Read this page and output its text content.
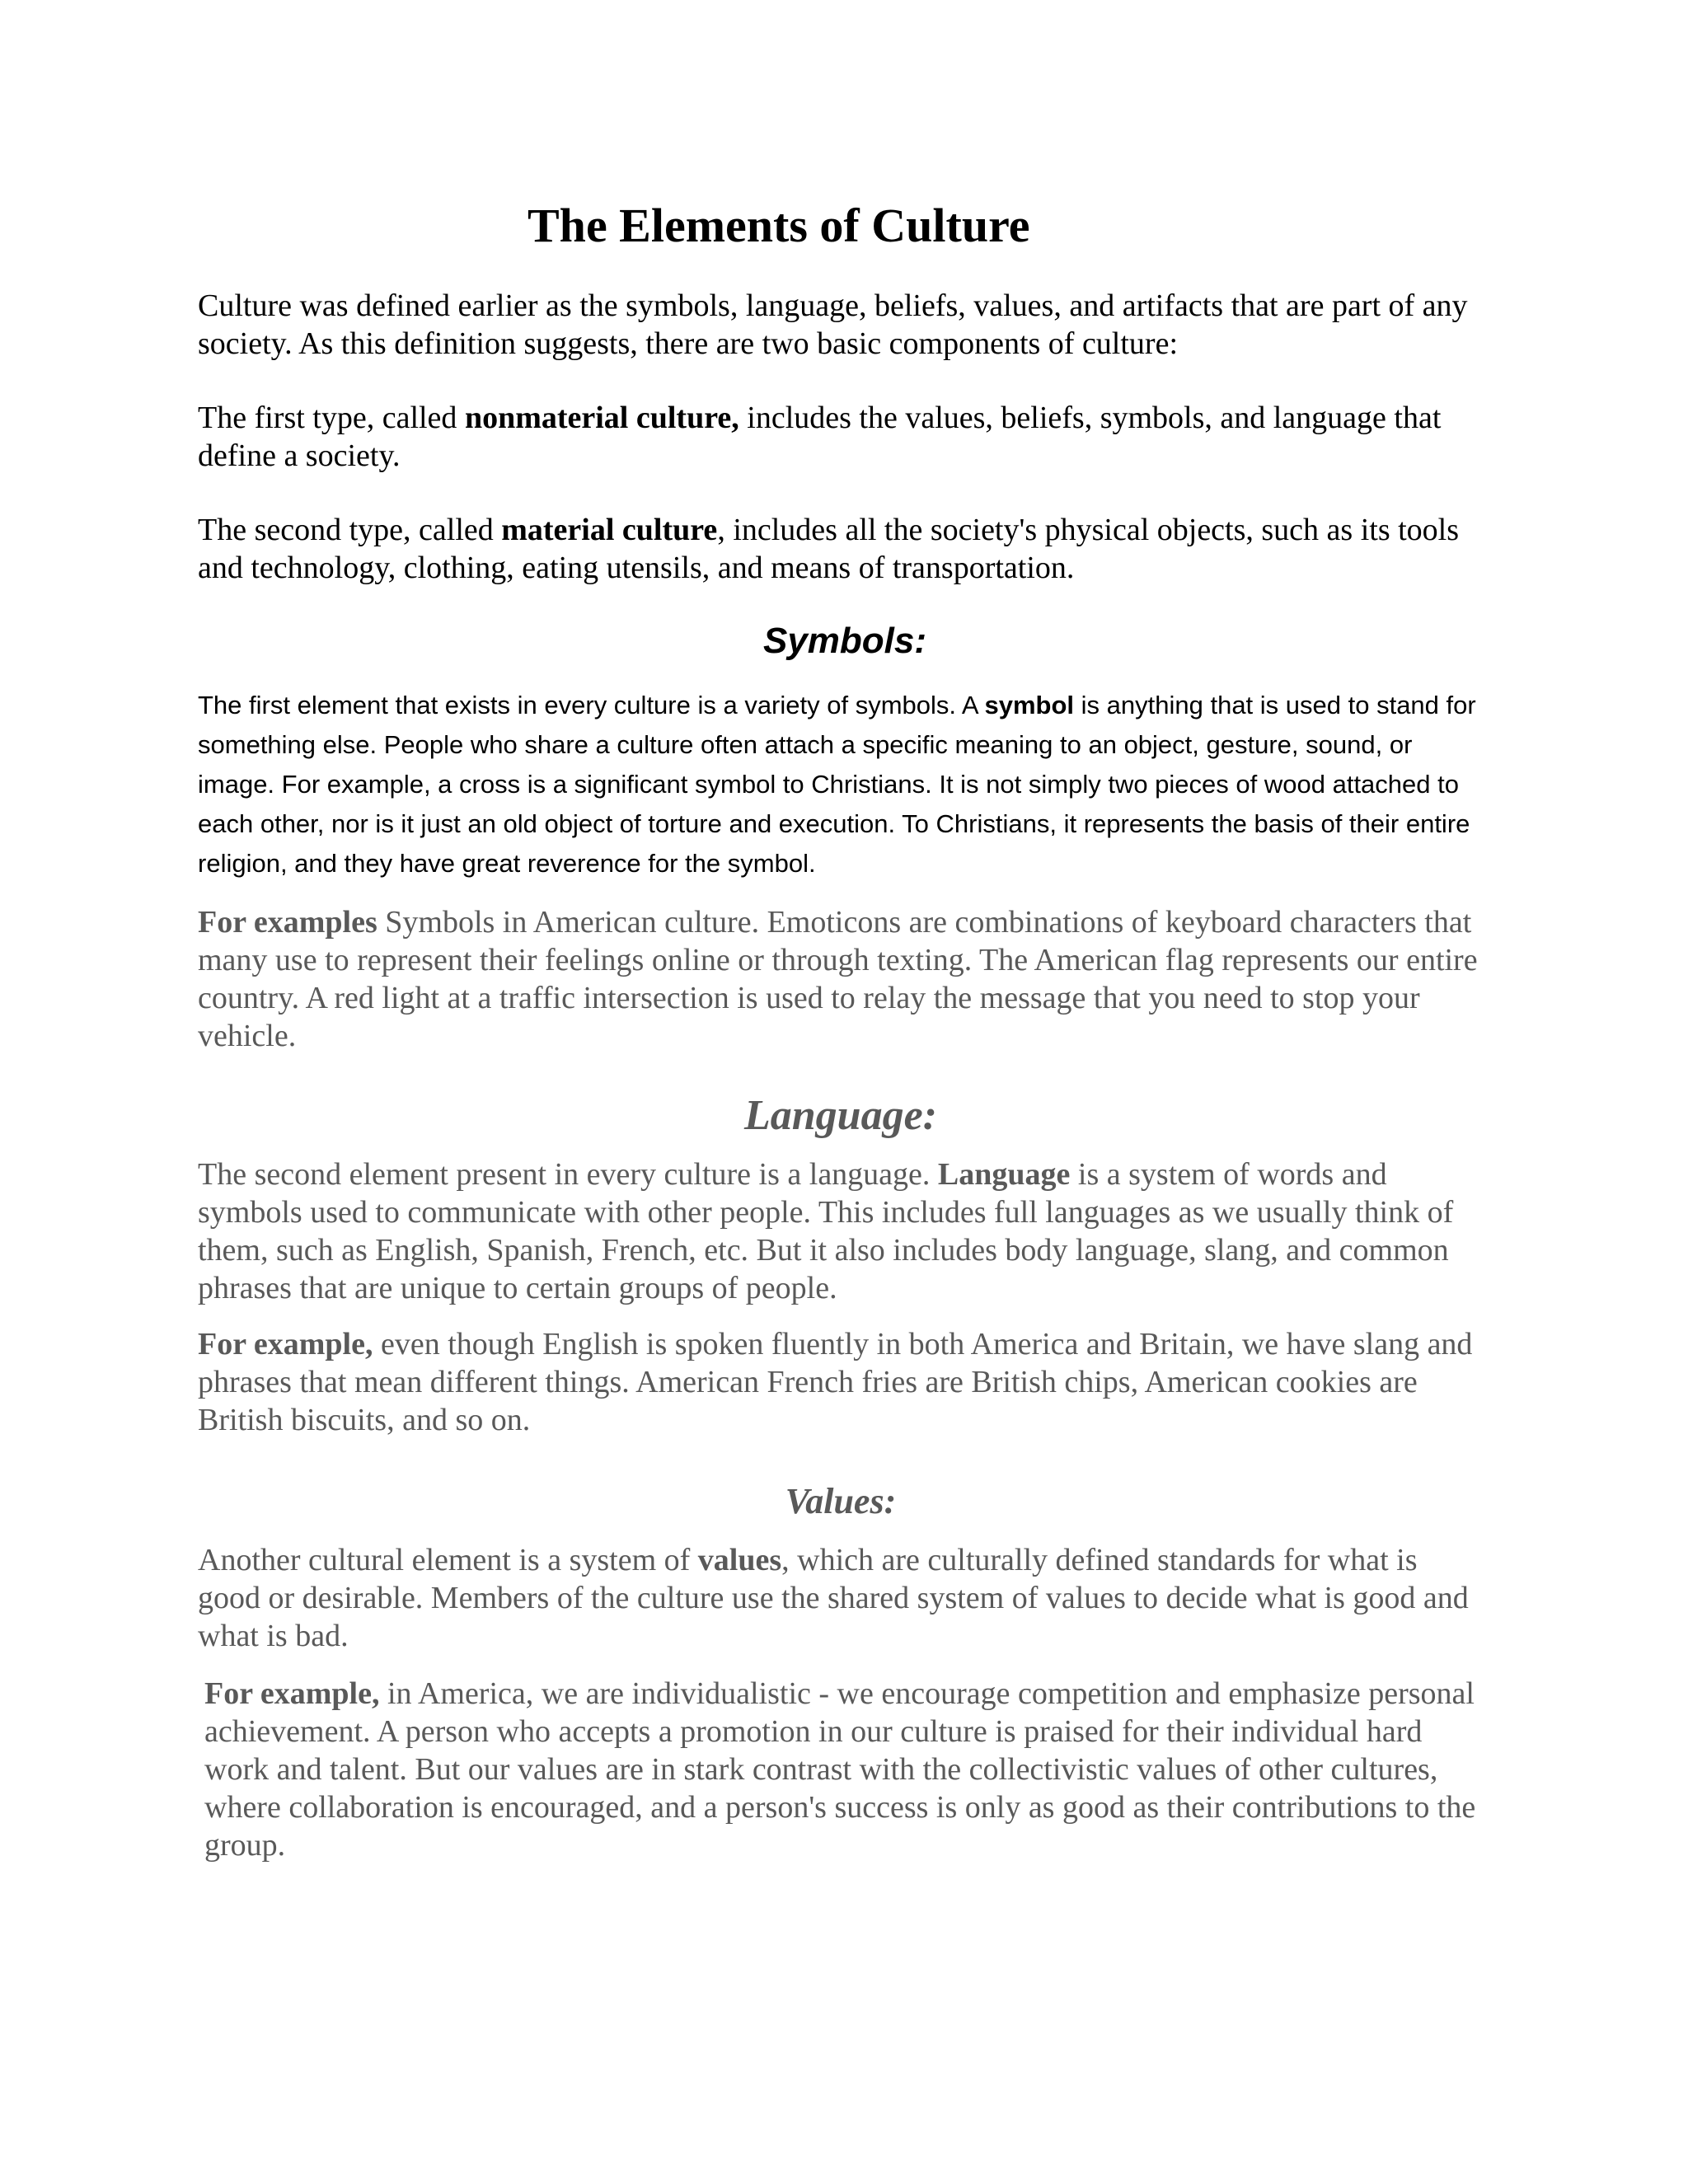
The Elements of Culture

Culture was defined earlier as the symbols, language, beliefs, values, and artifacts that are part of any society. As this definition suggests, there are two basic components of culture:

The first type, called nonmaterial culture, includes the values, beliefs, symbols, and language that define a society.

The second type, called material culture, includes all the society's physical objects, such as its tools and technology, clothing, eating utensils, and means of transportation.

Symbols:

The first element that exists in every culture is a variety of symbols. A symbol is anything that is used to stand for something else. People who share a culture often attach a specific meaning to an object, gesture, sound, or image. For example, a cross is a significant symbol to Christians. It is not simply two pieces of wood attached to each other, nor is it just an old object of torture and execution. To Christians, it represents the basis of their entire religion, and they have great reverence for the symbol.

For examples Symbols in American culture. Emoticons are combinations of keyboard characters that many use to represent their feelings online or through texting. The American flag represents our entire country. A red light at a traffic intersection is used to relay the message that you need to stop your vehicle.

Language:

The second element present in every culture is a language. Language is a system of words and symbols used to communicate with other people. This includes full languages as we usually think of them, such as English, Spanish, French, etc. But it also includes body language, slang, and common phrases that are unique to certain groups of people.

For example, even though English is spoken fluently in both America and Britain, we have slang and phrases that mean different things. American French fries are British chips, American cookies are British biscuits, and so on.

Values:

Another cultural element is a system of values, which are culturally defined standards for what is good or desirable. Members of the culture use the shared system of values to decide what is good and what is bad.

For example, in America, we are individualistic - we encourage competition and emphasize personal achievement. A person who accepts a promotion in our culture is praised for their individual hard work and talent. But our values are in stark contrast with the collectivistic values of other cultures, where collaboration is encouraged, and a person's success is only as good as their contributions to the group.
